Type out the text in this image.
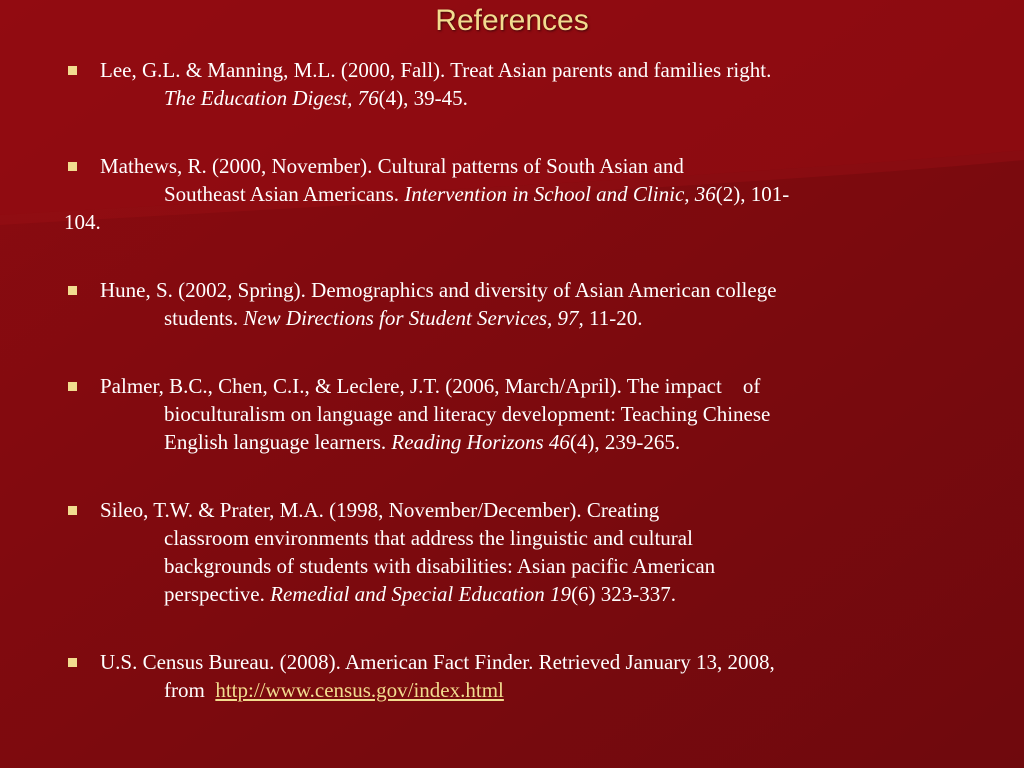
References
Lee, G.L. & Manning, M.L. (2000, Fall). Treat Asian parents and families right.
The Education Digest, 76(4), 39-45.
Mathews, R. (2000, November). Cultural patterns of South Asian and
Southeast Asian Americans. Intervention in School and Clinic, 36(2), 101-
104.
Hune, S. (2002, Spring). Demographics and diversity of Asian American college
students. New Directions for Student Services, 97, 11-20.
Palmer, B.C., Chen, C.I., & Leclere, J.T. (2006, March/April). The impact    of
bioculturalism on language and literacy development: Teaching Chinese
English language learners. Reading Horizons 46(4), 239-265.
Sileo, T.W. & Prater, M.A. (1998, November/December). Creating
classroom environments that address the linguistic and cultural
backgrounds of students with disabilities: Asian pacific American
perspective. Remedial and Special Education 19(6) 323-337.
U.S. Census Bureau. (2008). American Fact Finder. Retrieved January 13, 2008,
from  http://www.census.gov/index.html
